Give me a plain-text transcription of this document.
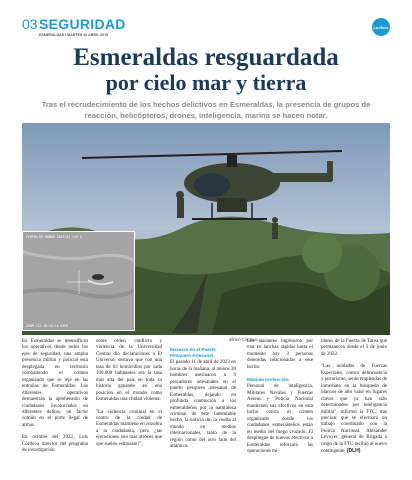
03 SEGURIDAD
ESMERALDAS / MARTES 16 ABRIL 2019
La Hora
Esmeraldas resguardada
por cielo mar y tierra
Tras el recrudecimiento de los hechos delictivos en Esmeraldas, la presencia de grupos de reacción, helicópteros, drones, inteligencia, marina se hacen notar.
CENTRO DE MANDO 2019-04 CAM-2
ZOOM 12X 10:42:18 EXPO
afirmó Córdova.

En Esmeraldas se intensifican los operativos desde todos los ejes de seguridad, una amplia presencia militar y policial está desplegada en territorio combatiendo el crimen organizado que se teje en las entrañas de Esmeraldas. Los diferentes operativos demuestran la aprehensión de ciudadanos involucrados en diferentes delitos, un factor común en el porte ilegal de armas.

En octubre del 2022, Luis Córdova director del programa de investigación

sobre orden, conflicto y violencia de la Universidad Central dio declaraciones a El Universo, sostuvo que con una tasa de 63 homicidios por cada 100.000 habitantes era la tasa más alta del país en toda su historia ganando así una posición en el mundo como Esmeraldas una ciudad violenta.

"La violencia criminal en el centro de la ciudad de Esmeraldas mantiene en zozobra a la ciudadanía, pero ¿las ejecuciones son más atroces que que suelen estimarse?",

Masacre en el Puerto Pesquero Artesanal

El pasado 11 de abril de 2023 en horas de la mañana, al menos 30 hombres asesinaron a 9 pescadores artesanales en el puerto pesquero artesanal de Esmeraldas, dejando en profunda conmoción a los esmeraldeños por la naturaleza criminal de este lamentable hecho, la noticia dio la vuelta al mundo en medios internacionales, tanto de la región como del otro lado del atlántico.

Los atacantes ingresaron por mar en lanchas rápidas hasta el momento hay 3 personas detenidas relacionadas a este hecho.

Máxima protección

Personal de inteligencia, Militares Navales y Fuerzas Aéreas y Policía Nacional mantienen sus efectivos en esta lucha contra el crimen organizado donde los ciudadanos esmeraldeños están en medio del fuego cruzado. El despliegue de nuevos efectivos a Esmeraldas reforzará las operaciones mi-

litares de la Fuerza de Tarea que permanecen desde el 3 de junio de 2022.

"Las unidades de Fuerzas Especiales, contra delincuencia y terrorismo, serán empleadas de inmediato en la búsqueda de blancos de alto valor en lugares claves que ya han sido determinados por inteligencia militar", informó la FTC, tras precisar que se efectuará un trabajo coordinado con la Policía Nacional. Alexander Levoyer, general de Brigada a cargo de la FTC recibió al nuevo contingente. (DLH)
